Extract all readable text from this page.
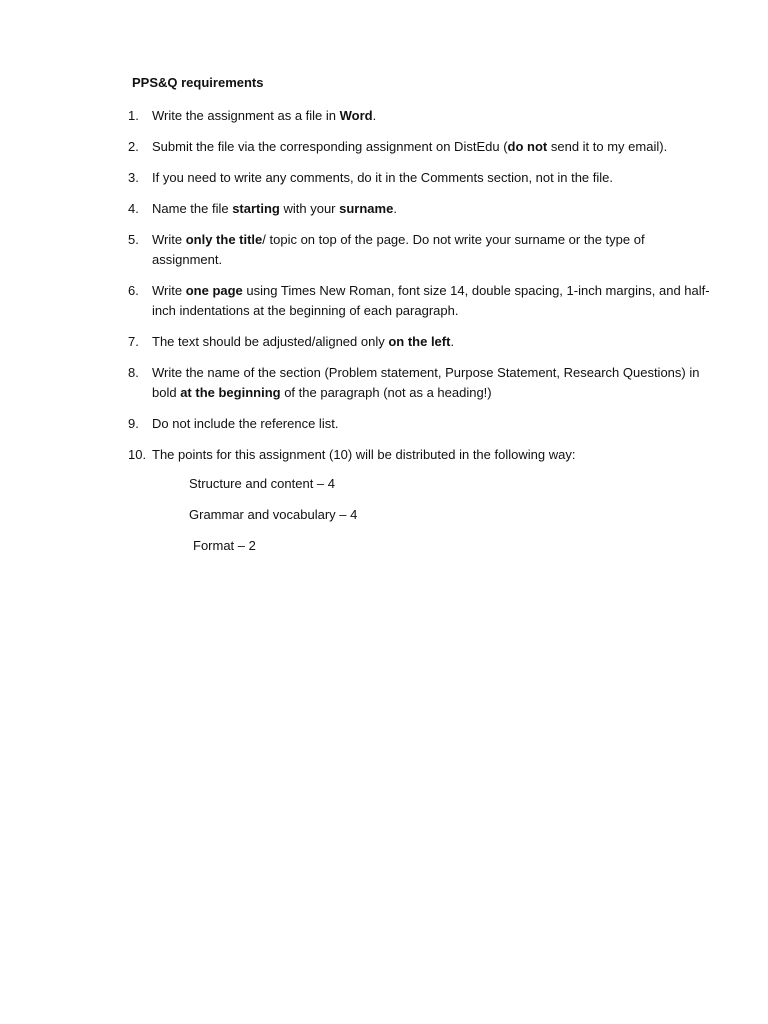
PPS&Q requirements
1.	Write the assignment as a file in Word.
2.	Submit the file via the corresponding assignment on DistEdu (do not send it to my email).
3.	If you need to write any comments, do it in the Comments section, not in the file.
4.	Name the file starting with your surname.
5.	Write only the title/ topic on top of the page. Do not write your surname or the type of assignment.
6.	Write one page using Times New Roman, font size 14, double spacing, 1-inch margins, and half-inch indentations at the beginning of each paragraph.
7.	The text should be adjusted/aligned only on the left.
8.	Write the name of the section (Problem statement, Purpose Statement, Research Questions) in bold at the beginning of the paragraph (not as a heading!)
9.	Do not include the reference list.
10. The points for this assignment (10) will be distributed in the following way:
Structure and content – 4
Grammar and vocabulary – 4
Format – 2
